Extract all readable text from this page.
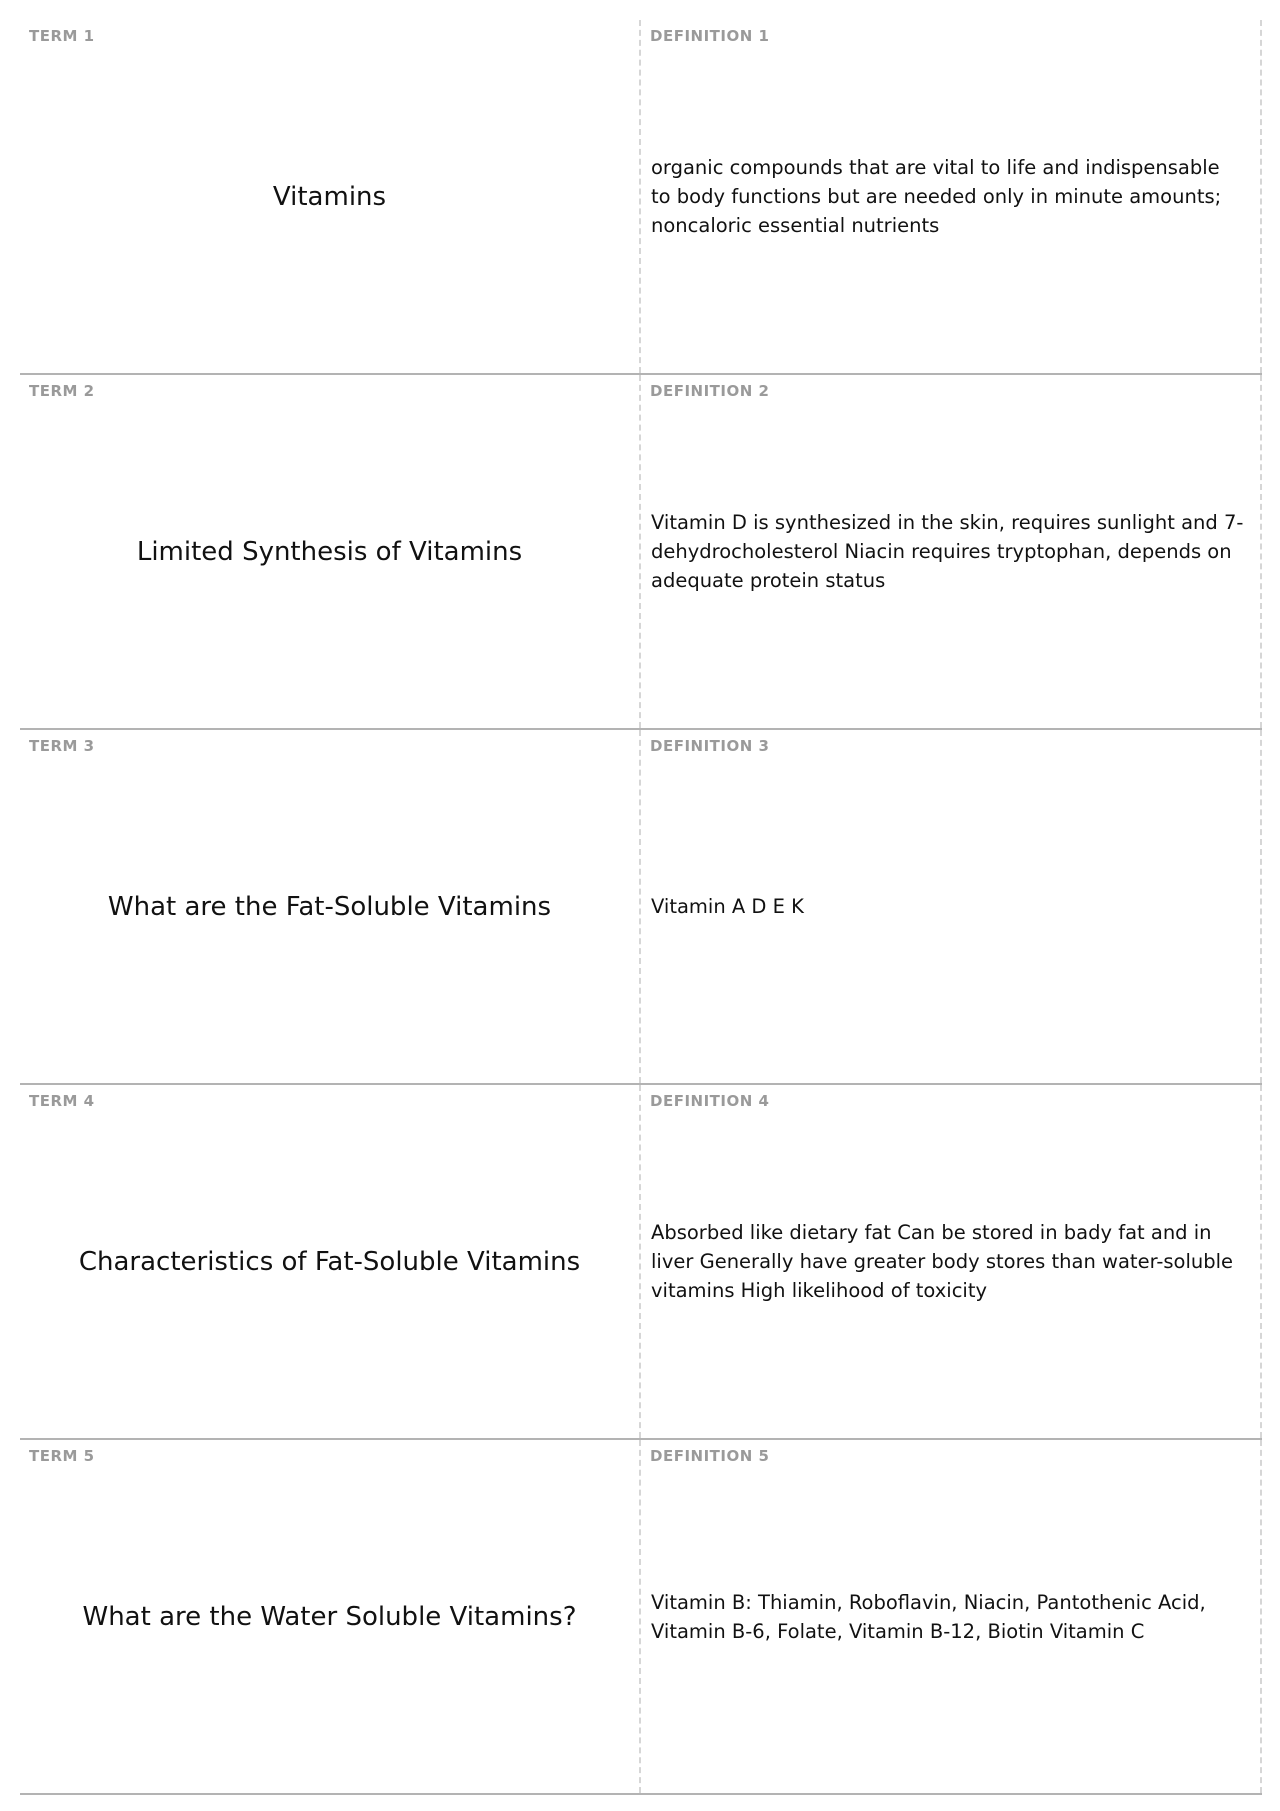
TERM 1
Vitamins
DEFINITION 1
organic compounds that are vital to life and indispensable to body functions but are needed only in minute amounts; noncaloric essential nutrients
TERM 2
Limited Synthesis of Vitamins
DEFINITION 2
Vitamin D is synthesized in the skin, requires sunlight and 7-dehydrocholesterol Niacin requires tryptophan, depends on adequate protein status
TERM 3
What are the Fat-Soluble Vitamins
DEFINITION 3
Vitamin A D E K
TERM 4
Characteristics of Fat-Soluble Vitamins
DEFINITION 4
Absorbed like dietary fat Can be stored in bady fat and in liver Generally have greater body stores than water-soluble vitamins High likelihood of toxicity
TERM 5
What are the Water Soluble Vitamins?
DEFINITION 5
Vitamin B: Thiamin, Roboflavin, Niacin, Pantothenic Acid, Vitamin B-6, Folate, Vitamin B-12, Biotin Vitamin C
